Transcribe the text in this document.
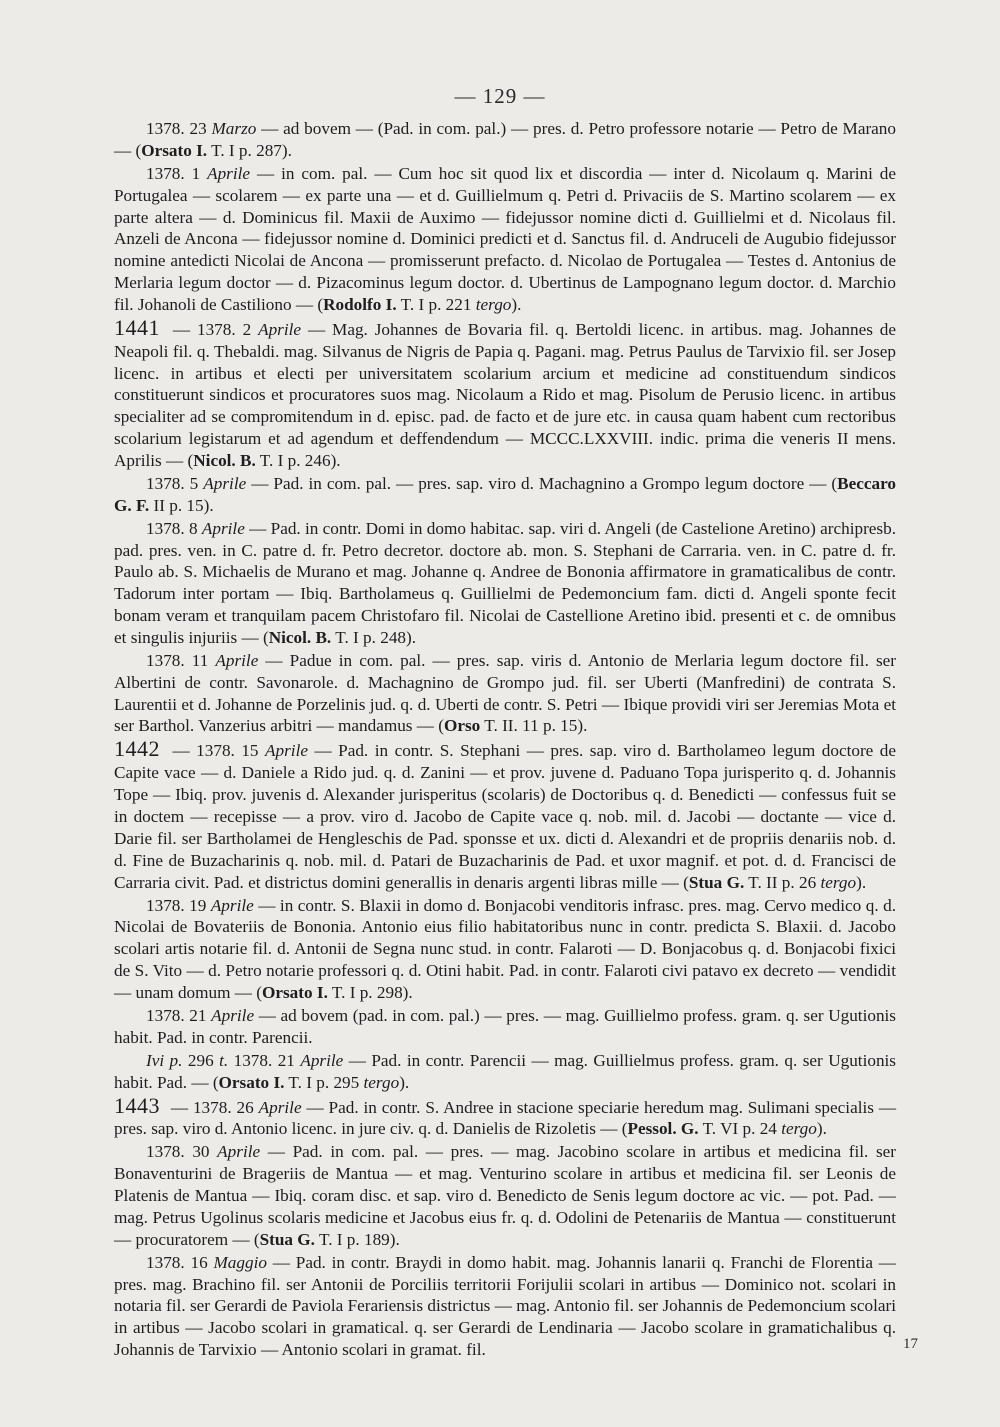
— 129 —

1378. 23 Marzo — ad bovem — (Pad. in com. pal.) — pres. d. Petro professore notarie — Petro de Marano — (Orsato I. T. I p. 287).

1378. 1 Aprile — in com. pal. — Cum hoc sit quod lix et discordia — inter d. Nicolaum q. Marini de Portugalea — scolarem — ex parte una — et d. Guillielmum q. Petri d. Privaciis de S. Martino scolarem — ex parte altera — d. Dominicus fil. Maxii de Auximo — fidejussor nomine dicti d. Guillielmi et d. Nicolaus fil. Anzeli de Ancona — fidejussor nomine d. Dominici predicti et d. Sanctus fil. d. Andruceli de Augubio fidejussor nomine antedicti Nicolai de Ancona — promisserunt prefacto. d. Nicolao de Portugalea — Testes d. Antonius de Merlaria legum doctor — d. Pizacominus legum doctor. d. Ubertinus de Lampognano legum doctor. d. Marchio fil. Johanoli de Castiliono — (Rodolfo I. T. I p. 221 tergo).

1441 — 1378. 2 Aprile — Mag. Johannes de Bovaria fil. q. Bertoldi licenc. in artibus. mag. Johannes de Neapoli fil. q. Thebaldi. mag. Silvanus de Nigris de Papia q. Pagani. mag. Petrus Paulus de Tarvixio fil. ser Josep licenc. in artibus et electi per universitatem scolarium arcium et medicine ad constituendum sindicos constituerunt sindicos et procuratores suos mag. Nicolaum a Rido et mag. Pisolum de Perusio licenc. in artibus specialiter ad se compromitendum in d. episc. pad. de facto et de jure etc. in causa quam habent cum rectoribus scolarium legistarum et ad agendum et deffendendum — MCCC.LXXVIII. indic. prima die veneris II mens. Aprilis — (Nicol. B. T. I p. 246).

1378. 5 Aprile — Pad. in com. pal. — pres. sap. viro d. Machagnino a Grompo legum doctore — (Beccaro G. F. II p. 15).

1378. 8 Aprile — Pad. in contr. Domi in domo habitac. sap. viri d. Angeli (de Castelione Aretino) archipresb. pad. pres. ven. in C. patre d. fr. Petro decretor. doctore ab. mon. S. Stephani de Carraria. ven. in C. patre d. fr. Paulo ab. S. Michaelis de Murano et mag. Johanne q. Andree de Bononia affirmatore in gramaticalibus de contr. Tadorum inter portam — Ibiq. Bartholameus q. Guillielmi de Pedemoncium fam. dicti d. Angeli sponte fecit bonam veram et tranquilam pacem Christofaro fil. Nicolai de Castellione Aretino ibid. presenti et c. de omnibus et singulis injuriis — (Nicol. B. T. I p. 248).

1378. 11 Aprile — Padue in com. pal. — pres. sap. viris d. Antonio de Merlaria legum doctore fil. ser Albertini de contr. Savonarole. d. Machagnino de Grompo jud. fil. ser Uberti (Manfredini) de contrata S. Laurentii et d. Johanne de Porzelinis jud. q. d. Uberti de contr. S. Petri — Ibique providi viri ser Jeremias Mota et ser Barthol. Vanzerius arbitri — mandamus — (Orso T. II. 11 p. 15).

1442 — 1378. 15 Aprile — Pad. in contr. S. Stephani — pres. sap. viro d. Bartholameo legum doctore de Capite vace — d. Daniele a Rido jud. q. d. Zanini — et prov. juvene d. Paduano Topa jurisperito q. d. Johannis Tope — Ibiq. prov. juvenis d. Alexander jurisperitus (scolaris) de Doctoribus q. d. Benedicti — confessus fuit se in doctem — recepisse — a prov. viro d. Jacobo de Capite vace q. nob. mil. d. Jacobi — doctante — vice d. Darie fil. ser Bartholamei de Hengleschis de Pad. sponsse et ux. dicti d. Alexandri et de propriis denariis nob. d. d. Fine de Buzacharinis q. nob. mil. d. Patari de Buzacharinis de Pad. et uxor magnif. et pot. d. d. Francisci de Carraria civit. Pad. et districtus domini generallis in denaris argenti libras mille — (Stua G. T. II p. 26 tergo).

1378. 19 Aprile — in contr. S. Blaxii in domo d. Bonjacobi venditoris infrasc. pres. mag. Cervo medico q. d. Nicolai de Bovateriis de Bononia. Antonio eius filio habitatoribus nunc in contr. predicta S. Blaxii. d. Jacobo scolari artis notarie fil. d. Antonii de Segna nunc stud. in contr. Falaroti — D. Bonjacobus q. d. Bonjacobi fixici de S. Vito — d. Petro notarie professori q. d. Otini habit. Pad. in contr. Falaroti civi patavo ex decreto — vendidit — unam domum — (Orsato I. T. I p. 298).

1378. 21 Aprile — ad bovem (pad. in com. pal.) — pres. — mag. Guillielmo profess. gram. q. ser Ugutionis habit. Pad. in contr. Parencii.

Ivi p. 296 t. 1378. 21 Aprile — Pad. in contr. Parencii — mag. Guillielmus profess. gram. q. ser Ugutionis habit. Pad. — (Orsato I. T. I p. 295 tergo).

1443 — 1378. 26 Aprile — Pad. in contr. S. Andree in stacione speciarie heredum mag. Sulimani specialis — pres. sap. viro d. Antonio licenc. in jure civ. q. d. Danielis de Rizoletis — (Pessol. G. T. VI p. 24 tergo).

1378. 30 Aprile — Pad. in com. pal. — pres. — mag. Jacobino scolare in artibus et medicina fil. ser Bonaventurini de Brageriis de Mantua — et mag. Venturino scolare in artibus et medicina fil. ser Leonis de Platenis de Mantua — Ibiq. coram disc. et sap. viro d. Benedicto de Senis legum doctore ac vic. — pot. Pad. — mag. Petrus Ugolinus scolaris medicine et Jacobus eius fr. q. d. Odolini de Petenariis de Mantua — constituerunt — procuratorem — (Stua G. T. I p. 189).

1378. 16 Maggio — Pad. in contr. Braydi in domo habit. mag. Johannis lanarii q. Franchi de Florentia — pres. mag. Brachino fil. ser Antonii de Porciliis territorii Forijulii scolari in artibus — Dominico not. scolari in notaria fil. ser Gerardi de Paviola Ferariensis districtus — mag. Antonio fil. ser Johannis de Pedemoncium scolari in artibus — Jacobo scolari in gramatical. q. ser Gerardi de Lendinaria — Jacobo scolare in gramatichalibus q. Johannis de Tarvixio — Antonio scolari in gramat. fil.	17
